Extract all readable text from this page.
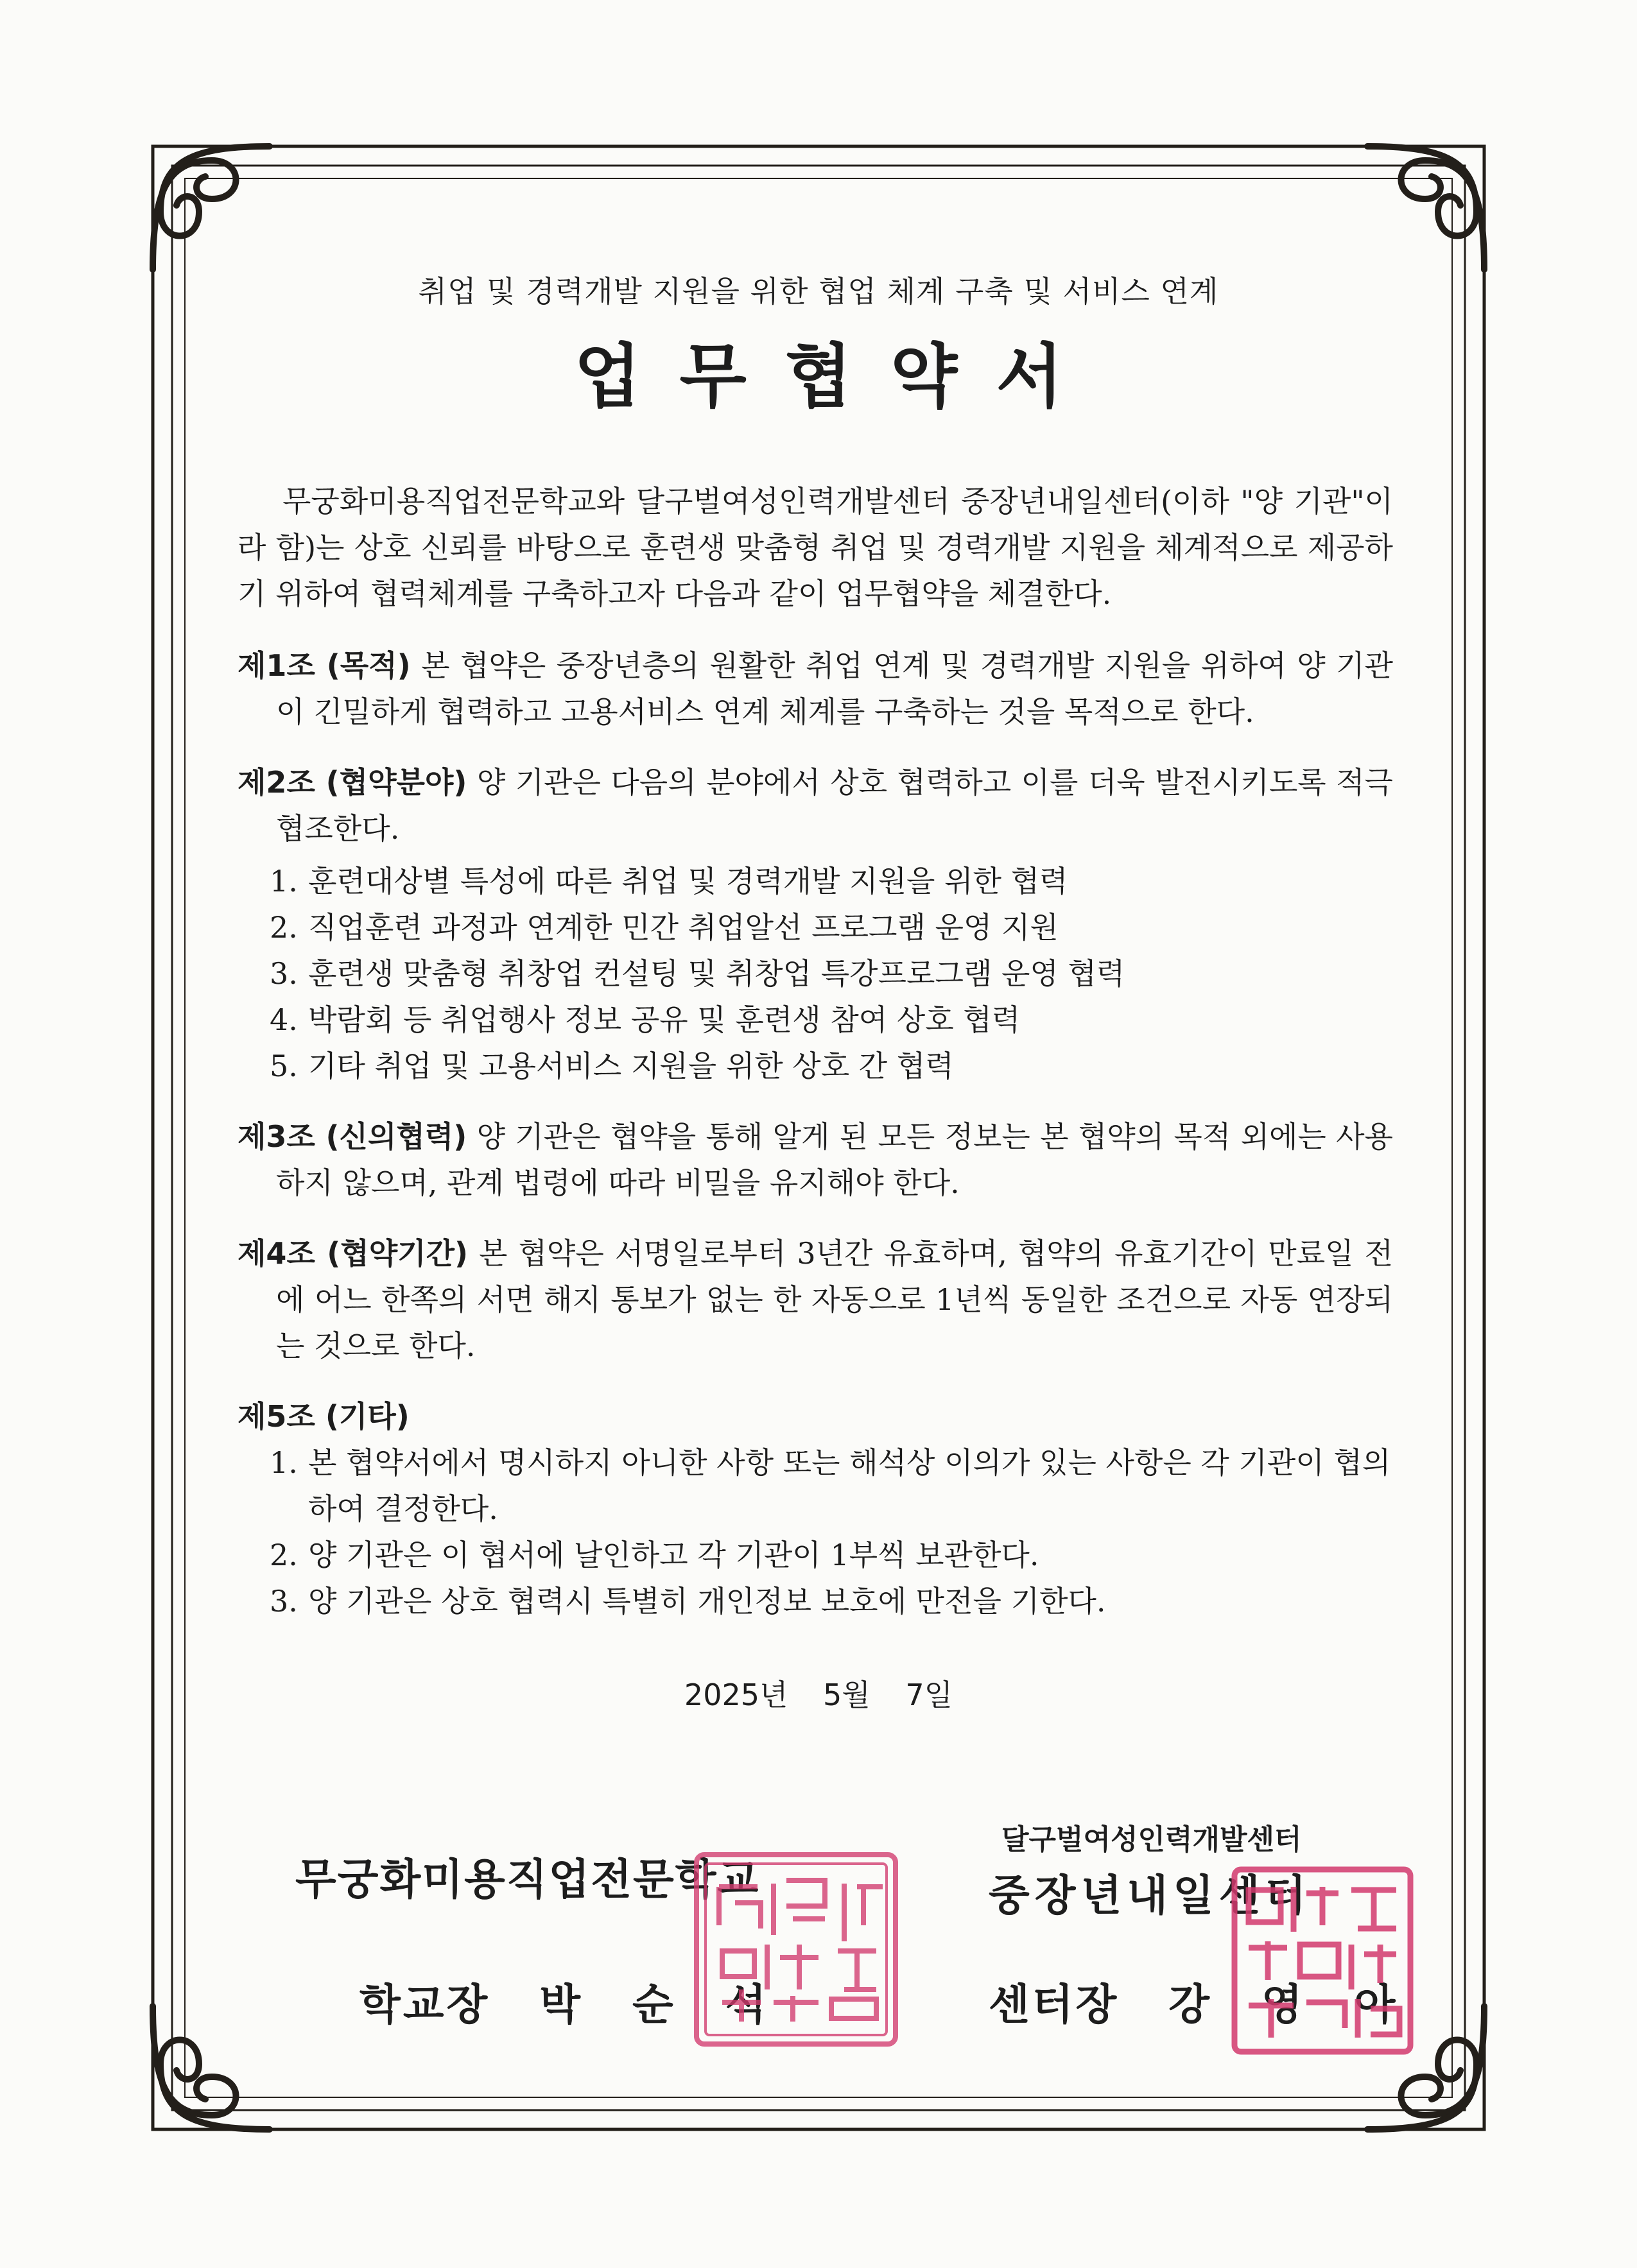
취업 및 경력개발 지원을 위한 협업 체계 구축 및 서비스 연계
업무협약서

무궁화미용직업전문학교와 달구벌여성인력개발센터 중장년내일센터(이하 "양 기관"이라 함)는 상호 신뢰를 바탕으로 훈련생 맞춤형 취업 및 경력개발 지원을 체계적으로 제공하기 위하여 협력체계를 구축하고자 다음과 같이 업무협약을 체결한다.

제1조 (목적) 본 협약은 중장년층의 원활한 취업 연계 및 경력개발 지원을 위하여 양 기관이 긴밀하게 협력하고 고용서비스 연계 체계를 구축하는 것을 목적으로 한다.

제2조 (협약분야) 양 기관은 다음의 분야에서 상호 협력하고 이를 더욱 발전시키도록 적극 협조한다.

1. 훈련대상별 특성에 따른 취업 및 경력개발 지원을 위한 협력
2. 직업훈련 과정과 연계한 민간 취업알선 프로그램 운영 지원
3. 훈련생 맞춤형 취창업 컨설팅 및 취창업 특강프로그램 운영 협력
4. 박람회 등 취업행사 정보 공유 및 훈련생 참여 상호 협력
5. 기타 취업 및 고용서비스 지원을 위한 상호 간 협력

제3조 (신의협력) 양 기관은 협약을 통해 알게 된 모든 정보는 본 협약의 목적 외에는 사용하지 않으며, 관계 법령에 따라 비밀을 유지해야 한다.

제4조 (협약기간) 본 협약은 서명일로부터 3년간 유효하며, 협약의 유효기간이 만료일 전에 어느 한쪽의 서면 해지 통보가 없는 한 자동으로 1년씩 동일한 조건으로 자동 연장되는 것으로 한다.

제5조 (기타)

1. 본 협약서에서 명시하지 아니한 사항 또는 해석상 이의가 있는 사항은 각 기관이 협의하여 결정한다.
2. 양 기관은 이 협서에 날인하고 각 기관이 1부씩 보관한다.
3. 양 기관은 상호 협력시 특별히 개인정보 보호에 만전을 기한다.
2025년 5월 7일
무궁화미용직업전문학교
학교장 박 순 석
달구벌여성인력개발센터
중장년내일센터
센터장 강 영 아
